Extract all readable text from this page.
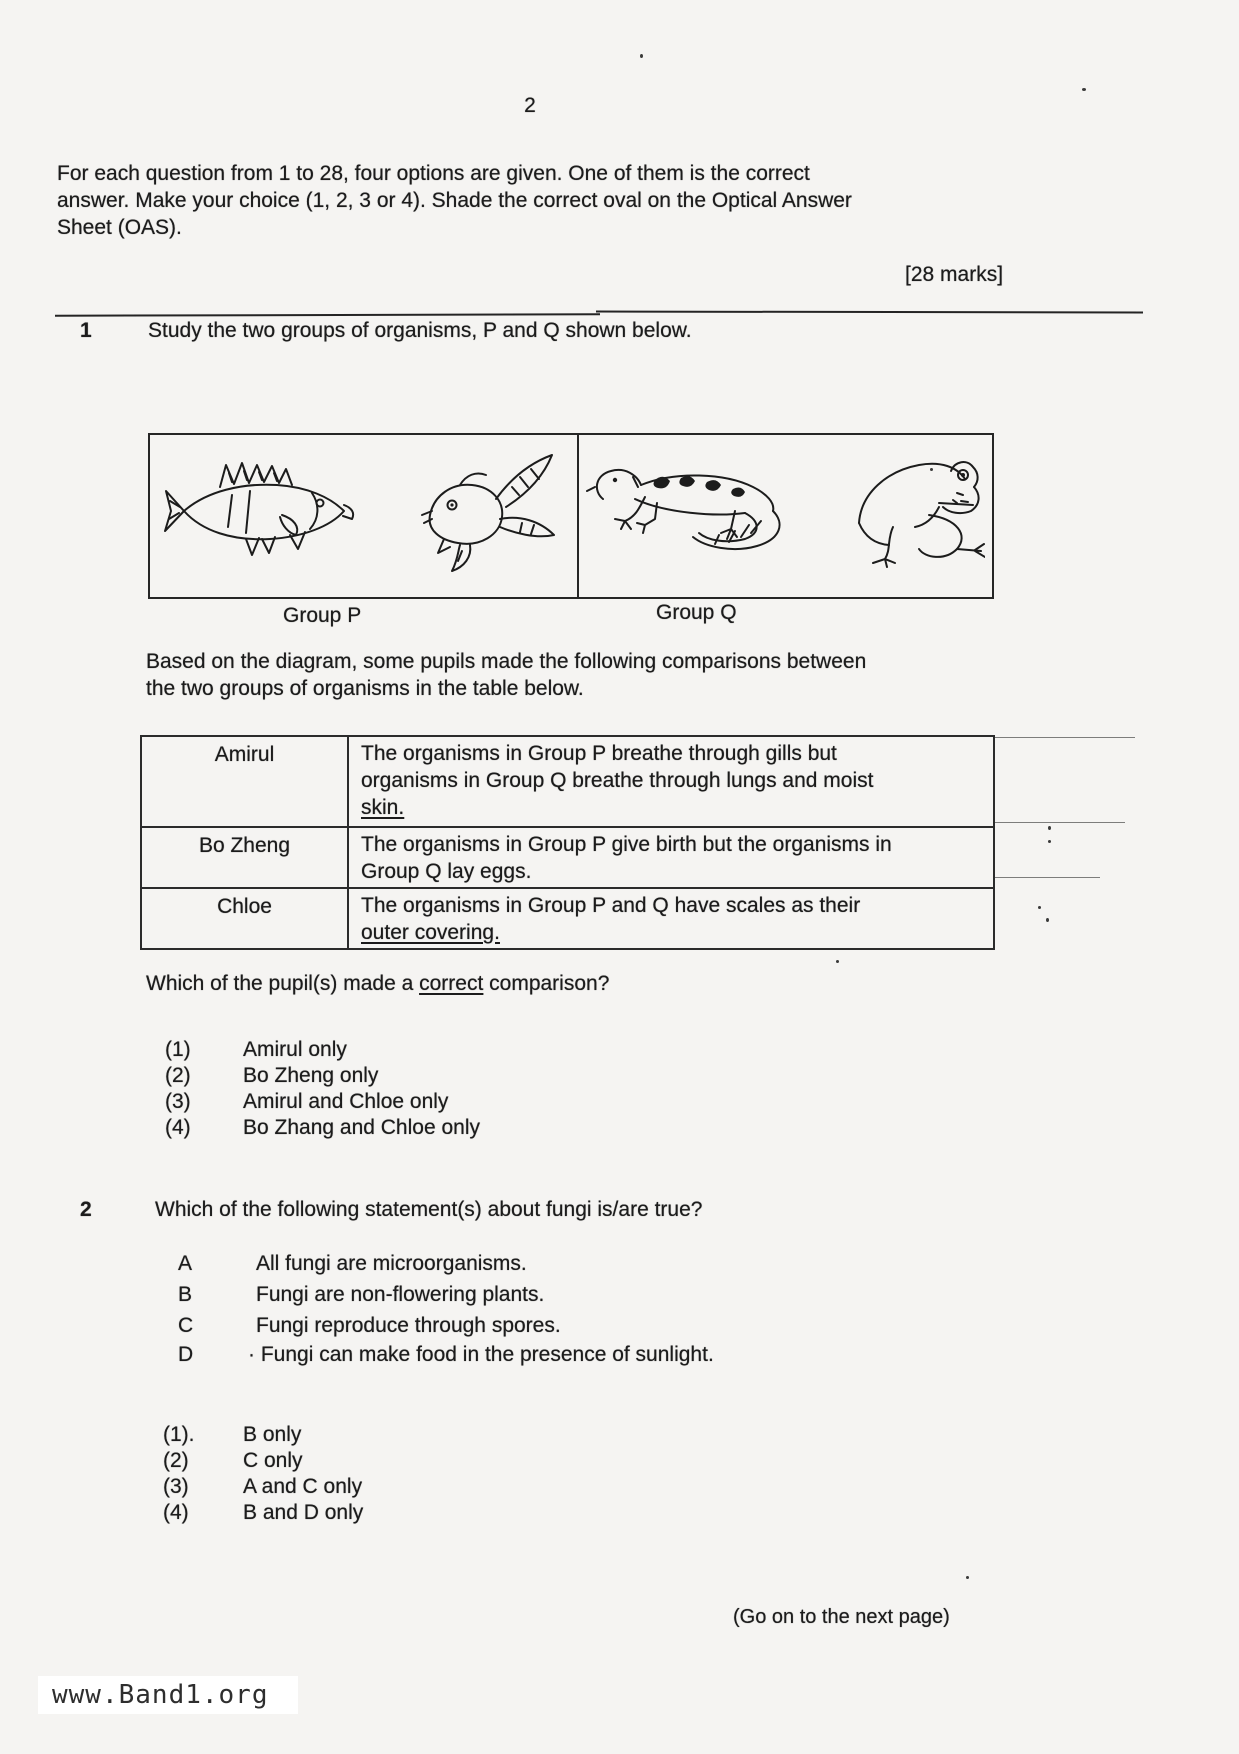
2
For each question from 1 to 28, four options are given. One of them is the correct
answer. Make your choice (1, 2, 3 or 4). Shade the correct oval on the Optical Answer
Sheet (OAS).
[28 marks]
1	Study the two groups of organisms, P and Q shown below.
Group P	Group Q
Based on the diagram, some pupils made the following comparisons between
the two groups of organisms in the table below.
Amirul	The organisms in Group P breathe through gills but
organisms in Group Q breathe through lungs and moist
skin.

Bo Zheng	The organisms in Group P give birth but the organisms in
Group Q lay eggs.

Chloe	The organisms in Group P and Q have scales as their
outer covering.
Which of the pupil(s) made a correct comparison?
(1) Amirul only
(2) Bo Zheng only
(3) Amirul and Chloe only
(4) Bo Zhang and Chloe only
2	Which of the following statement(s) about fungi is/are true?
A	All fungi are microorganisms.
B	Fungi are non-flowering plants.
C	Fungi reproduce through spores.
D	· Fungi can make food in the presence of sunlight.
(1). B only
(2)	C only
(3)	A and C only
(4)	B and D only
(Go on to the next page)
www.Band1.org
